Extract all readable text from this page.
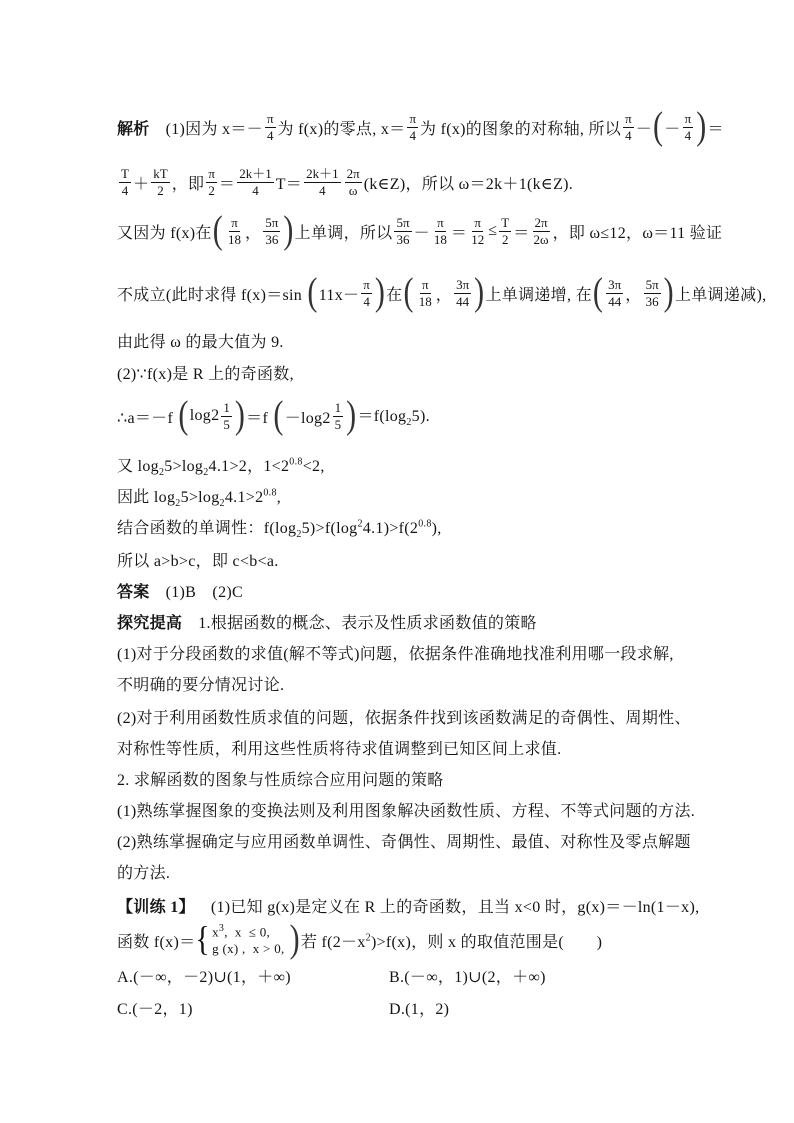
解析 (1)因为 $x=- \frac{\pi}{4}$ 为 f(x)的零点, $x= \frac{\pi}{4}$ 为 f(x)的图象的对称轴, 所以 $\frac{\pi}{4}$ － ( － $\frac{\pi}{4}$ ) ＝
$\frac{T}{4} + \frac{kT}{2}$ ，即 $\frac{\pi}{2} = \frac{2k+1}{4} T= \frac{2k+1}{4} \frac{2\pi}{\omega}$ (k∈Z)，所以 ω＝2k＋1(k∈Z).
又因为 f(x)在 ( $\frac{\pi}{18}$ ， $\frac{5\pi}{36}$ ) 上单调，所以 $\frac{5\pi}{36} - \frac{\pi}{18} = \frac{\pi}{12} \le \frac{T}{2} = \frac{2\pi}{2\omega}$ ，即 ω≤12，ω＝11 验证
不成立(此时求得 f(x)＝sin ( $11x- \frac{\pi}{4}$ ) 在 ( $\frac{\pi}{18}$ ， $\frac{3\pi}{44}$ ) 上单调递增, 在 ( $\frac{3\pi}{44}$ ， $\frac{5\pi}{36}$ ) 上单调递减),
由此得 ω 的最大值为 9.
(2)∵f(x)是 R 上的奇函数,
∴a＝－f ( $\log 2 \frac{1}{5}$ ) ＝f ( $-\log 2 \frac{1}{5}$ ) $=f(\log_25)$.
又 $\log_25>\log_24.1>2$，$1<2^{0.8}<2$,
因此 $\log_25>\log_24.1>2^{0.8}$,
结合函数的单调性：$f(\log_25)>f(\log^24.1)>f(2^{0.8})$,
所以 a>b>c，即 c<b<a.
答案 (1)B　(2)C
探究提高 1.根据函数的概念、表示及性质求函数值的策略
(1)对于分段函数的求值(解不等式)问题，依据条件准确地找准利用哪一段求解,
不明确的要分情况讨论.
(2)对于利用函数性质求值的问题，依据条件找到该函数满足的奇偶性、周期性、
对称性等性质，利用这些性质将待求值调整到已知区间上求值.
2. 求解函数的图象与性质综合应用问题的策略
(1)熟练掌握图象的变换法则及利用图象解决函数性质、方程、不等式问题的方法.
(2)熟练掌握确定与应用函数单调性、奇偶性、周期性、最值、对称性及零点解题
的方法.
【训练 1】 (1)已知 g(x)是定义在 R 上的奇函数，且当 x<0 时，g(x)＝－ln(1－x),
函数 f(x)＝ { $x^3$,  x  ≤ 0,
g (x) ,  x > 0, ) 若 $f(2-x^2)>f(x)$，则 x 的取值范围是(　　)
A.(－∞，－2)∪(1，＋∞)	B.(－∞，1)∪(2，＋∞)
C.(－2，1)	D.(1，2)
